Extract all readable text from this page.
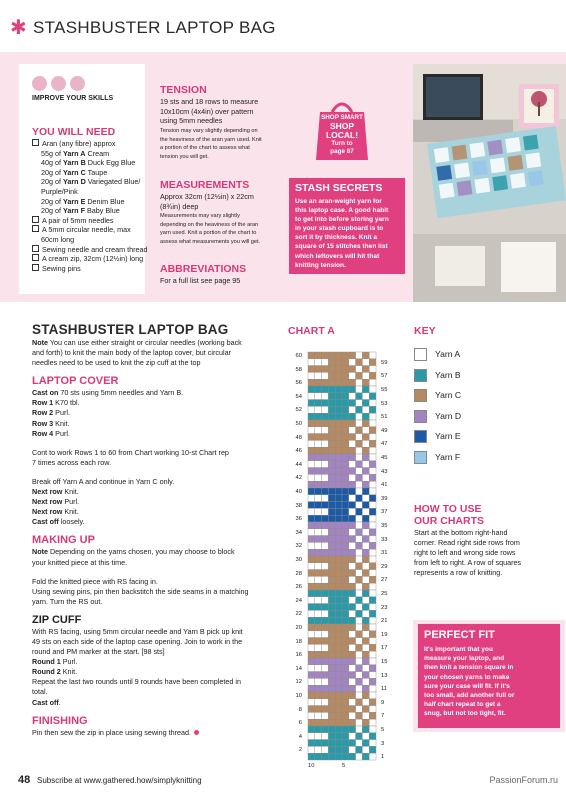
✱ STASHBUSTER LAPTOP BAG
IMPROVE YOUR SKILLS
YOU WILL NEED
Aran (any fibre) approx
55g of Yarn A Cream
40g of Yarn B Duck Egg Blue
20g of Yarn C Taupe
20g of Yarn D Variegated Blue/
Purple/Pink
20g of Yarn E Denim Blue
20g of Yarn F Baby Blue
A pair of 5mm needles
A 5mm circular needle, max
60cm long
Sewing needle and cream thread
A cream zip, 32cm (12½in) long
Sewing pins
TENSION
19 sts and 18 rows to measure
10x10cm (4x4in) over pattern
using 5mm needles
Tension may vary slightly depending on
the heaviness of the aran yarn used. Knit
a portion of the chart to assess what
tension you will get.
MEASUREMENTS
Approx 32cm (12½in) x 22cm
(8¾in) deep
Measurements may vary slightly
depending on the heaviness of the aran
yarn used. Knit a portion of the chart to
assess what measurements you will get.
ABBREVIATIONS
For a full list see page 95
SHOP SMART
SHOP
LOCAL!
Turn to
page 87
STASH SECRETS
Use an aran-weight yarn for
this laptop case. A good habit
to get into before storing yarn
in your stash cupboard is to
sort it by thickness. Knit a
square of 15 stitches then list
which leftovers will hit that
knitting tension.
STASHBUSTER LAPTOP BAG
Note You can use either straight or circular needles (working back
and forth) to knit the main body of the laptop cover, but circular
needles need to be used to knit the zip cuff at the top
LAPTOP COVER
Cast on 70 sts using 5mm needles and Yarn B.
Row 1 K70 tbl.
Row 2 Purl.
Row 3 Knit.
Row 4 Purl.
Cont to work Rows 1 to 60 from Chart working 10-st Chart rep
7 times across each row.
Break off Yarn A and continue in Yarn C only.
Next row Knit.
Next row Purl.
Next row Knit.
Cast off loosely.
MAKING UP
Note Depending on the yarns chosen, you may choose to block
your knitted piece at this time.
Fold the knitted piece with RS facing in.
Using sewing pins, pin then backstitch the side seams in a matching
yarn. Turn the RS out.
ZIP CUFF
With RS facing, using 5mm circular needle and Yarn B pick up knit
49 sts on each side of the laptop case opening. Join to work in the
round and PM marker at the start. [98 sts]
Round 1 Purl.
Round 2 Knit.
Repeat the last two rounds until 9 rounds have been completed in
total.
Cast off.
FINISHING
Pin then sew the zip in place using sewing thread.
CHART A
60
58
56
54
52
50
48
46
44
42
40
38
36
34
32
30
28
26
24
22
20
18
16
14
12
10
8
6
4
2
59
57
55
53
51
49
47
45
43
41
39
37
35
33
31
29
27
25
23
21
19
17
15
13
11
9
7
5
3
1
10	5
KEY
Yarn A
Yarn B
Yarn C
Yarn D
Yarn E
Yarn F
HOW TO USE
OUR CHARTS
Start at the bottom right-hand
corner. Read right side rows from
right to left and wrong side rows
from left to right. A row of squares
represents a row of knitting.
PERFECT FIT
It's important that you
measure your laptop, and
then knit a tension square in
your chosen yarns to make
sure your case will fit. If it's
too small, add another full or
half chart repeat to get a
snug, but not too tight, fit.
48 Subscribe at www.gathered.how/simplyknitting	PassionForum.ru
